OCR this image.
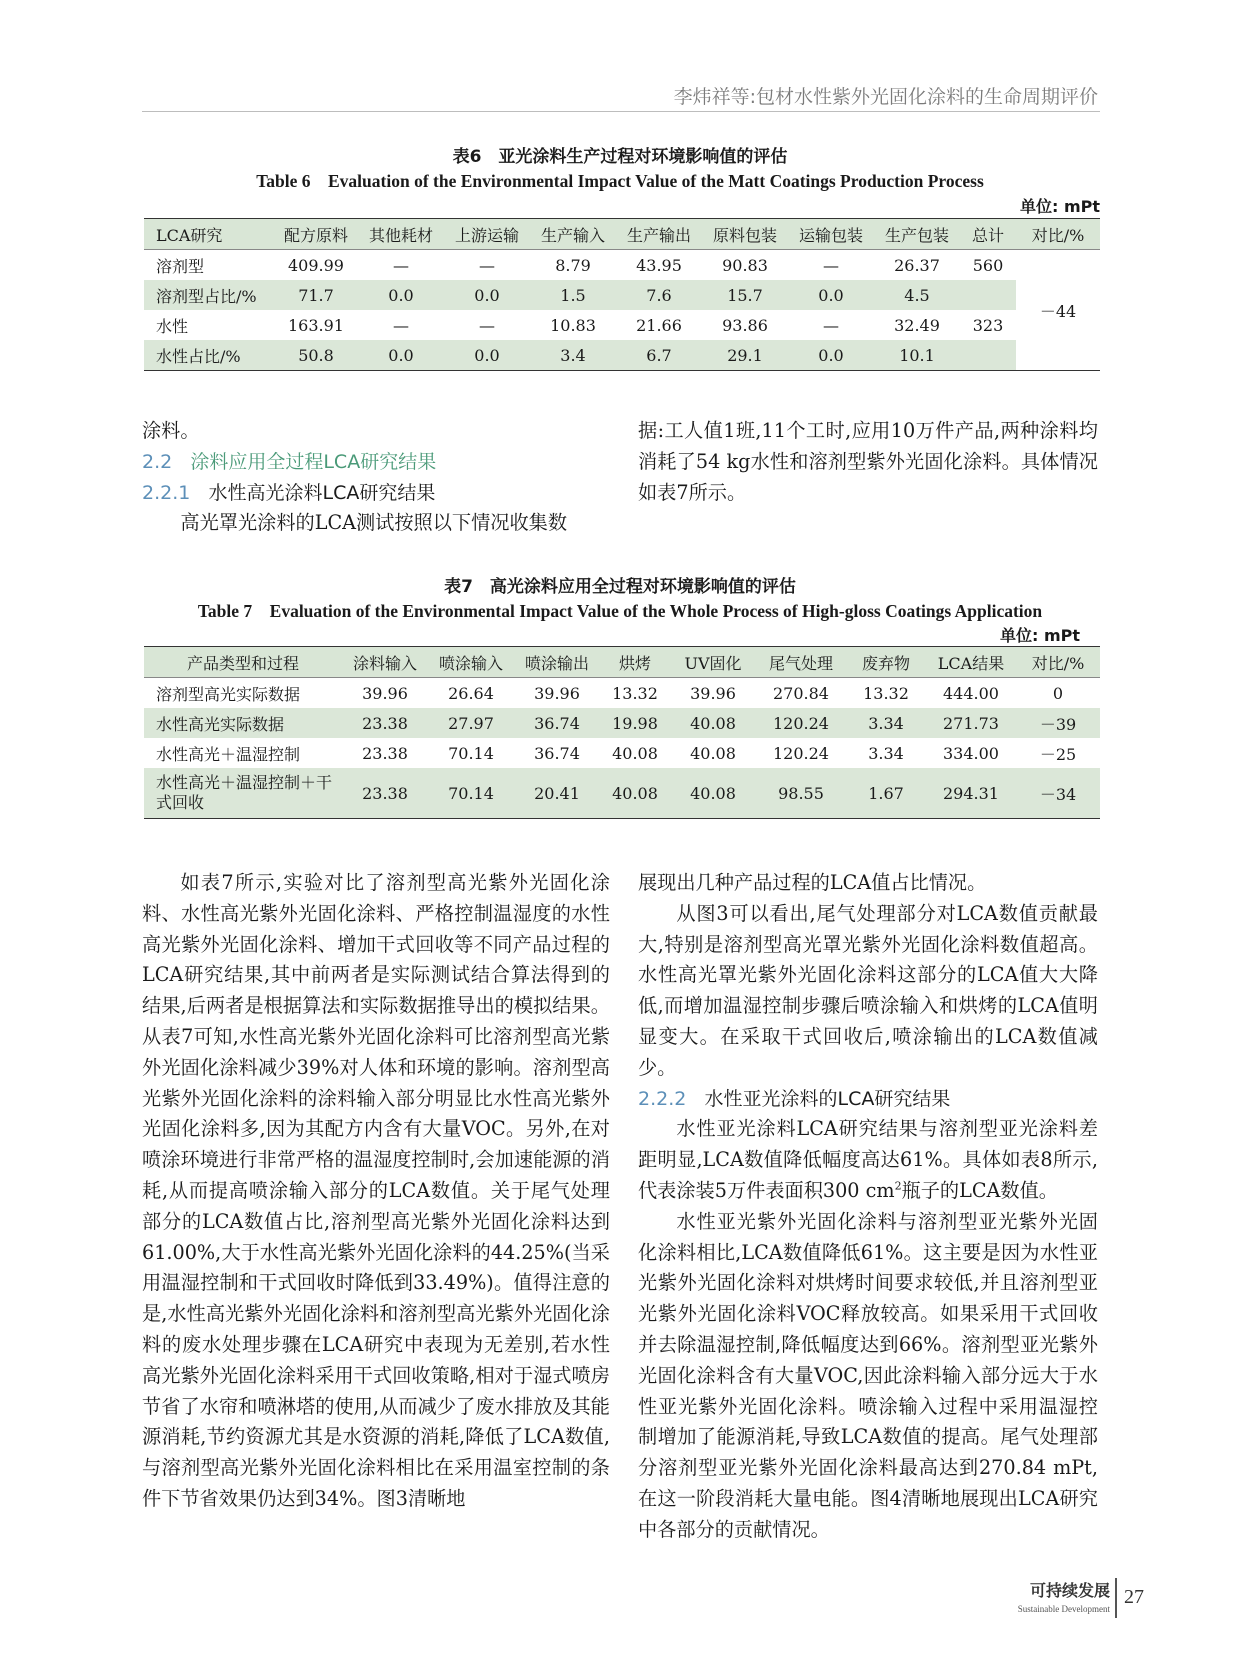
李炜祥等:包材水性紫外光固化涂料的生命周期评价
表6　亚光涂料生产过程对环境影响值的评估
Table 6　Evaluation of the Environmental Impact Value of the Matt Coatings Production Process
单位: mPt
LCA研究	配方原料	其他耗材	上游运输	生产输入	生产输出	原料包装	运输包装	生产包装	总计	对比/%
溶剂型	409.99	—	—	8.79	43.95	90.83	—	26.37	560	－44
溶剂型占比/%	71.7	0.0	0.0	1.5	7.6	15.7	0.0	4.5		
水性	163.91	—	—	10.83	21.66	93.86	—	32.49	323	
水性占比/%	50.8	0.0	0.0	3.4	6.7	29.1	0.0	10.1		

涂料。

2.2 涂料应用全过程LCA研究结果
2.2.1 水性高光涂料LCA研究结果

高光罩光涂料的LCA测试按照以下情况收集数

据:工人值1班,11个工时,应用10万件产品,两种涂料均消耗了54 kg水性和溶剂型紫外光固化涂料。具体情况如表7所示。

表7　高光涂料应用全过程对环境影响值的评估
Table 7　Evaluation of the Environmental Impact Value of the Whole Process of High-gloss Coatings Application
单位: mPt
产品类型和过程	涂料输入	喷涂输入	喷涂输出	烘烤	UV固化	尾气处理	废弃物	LCA结果	对比/%
溶剂型高光实际数据	39.96	26.64	39.96	13.32	39.96	270.84	13.32	444.00	0
水性高光实际数据	23.38	27.97	36.74	19.98	40.08	120.24	3.34	271.73	－39
水性高光＋温湿控制	23.38	70.14	36.74	40.08	40.08	120.24	3.34	334.00	－25
水性高光＋温湿控制＋干式回收	23.38	70.14	20.41	40.08	40.08	98.55	1.67	294.31	－34

如表7所示,实验对比了溶剂型高光紫外光固化涂料、水性高光紫外光固化涂料、严格控制温湿度的水性高光紫外光固化涂料、增加干式回收等不同产品过程的LCA研究结果,其中前两者是实际测试结合算法得到的结果,后两者是根据算法和实际数据推导出的模拟结果。从表7可知,水性高光紫外光固化涂料可比溶剂型高光紫外光固化涂料减少39%对人体和环境的影响。溶剂型高光紫外光固化涂料的涂料输入部分明显比水性高光紫外光固化涂料多,因为其配方内含有大量VOC。另外,在对喷涂环境进行非常严格的温湿度控制时,会加速能源的消耗,从而提高喷涂输入部分的LCA数值。关于尾气处理部分的LCA数值占比,溶剂型高光紫外光固化涂料达到61.00%,大于水性高光紫外光固化涂料的44.25%(当采用温湿控制和干式回收时降低到33.49%)。值得注意的是,水性高光紫外光固化涂料和溶剂型高光紫外光固化涂料的废水处理步骤在LCA研究中表现为无差别,若水性高光紫外光固化涂料采用干式回收策略,相对于湿式喷房节省了水帘和喷淋塔的使用,从而减少了废水排放及其能源消耗,节约资源尤其是水资源的消耗,降低了LCA数值,与溶剂型高光紫外光固化涂料相比在采用温室控制的条件下节省效果仍达到34%。图3清晰地

展现出几种产品过程的LCA值占比情况。

从图3可以看出,尾气处理部分对LCA数值贡献最大,特别是溶剂型高光罩光紫外光固化涂料数值超高。水性高光罩光紫外光固化涂料这部分的LCA值大大降低,而增加温湿控制步骤后喷涂输入和烘烤的LCA值明显变大。在采取干式回收后,喷涂输出的LCA数值减少。

2.2.2 水性亚光涂料的LCA研究结果

水性亚光涂料LCA研究结果与溶剂型亚光涂料差距明显,LCA数值降低幅度高达61%。具体如表8所示,代表涂装5万件表面积300 $cm^2$瓶子的LCA数值。

水性亚光紫外光固化涂料与溶剂型亚光紫外光固化涂料相比,LCA数值降低61%。这主要是因为水性亚光紫外光固化涂料对烘烤时间要求较低,并且溶剂型亚光紫外光固化涂料VOC释放较高。如果采用干式回收并去除温湿控制,降低幅度达到66%。溶剂型亚光紫外光固化涂料含有大量VOC,因此涂料输入部分远大于水性亚光紫外光固化涂料。喷涂输入过程中采用温湿控制增加了能源消耗,导致LCA数值的提高。尾气处理部分溶剂型亚光紫外光固化涂料最高达到270.84 mPt,在这一阶段消耗大量电能。图4清晰地展现出LCA研究中各部分的贡献情况。

可持续发展
Sustainable Development
27
